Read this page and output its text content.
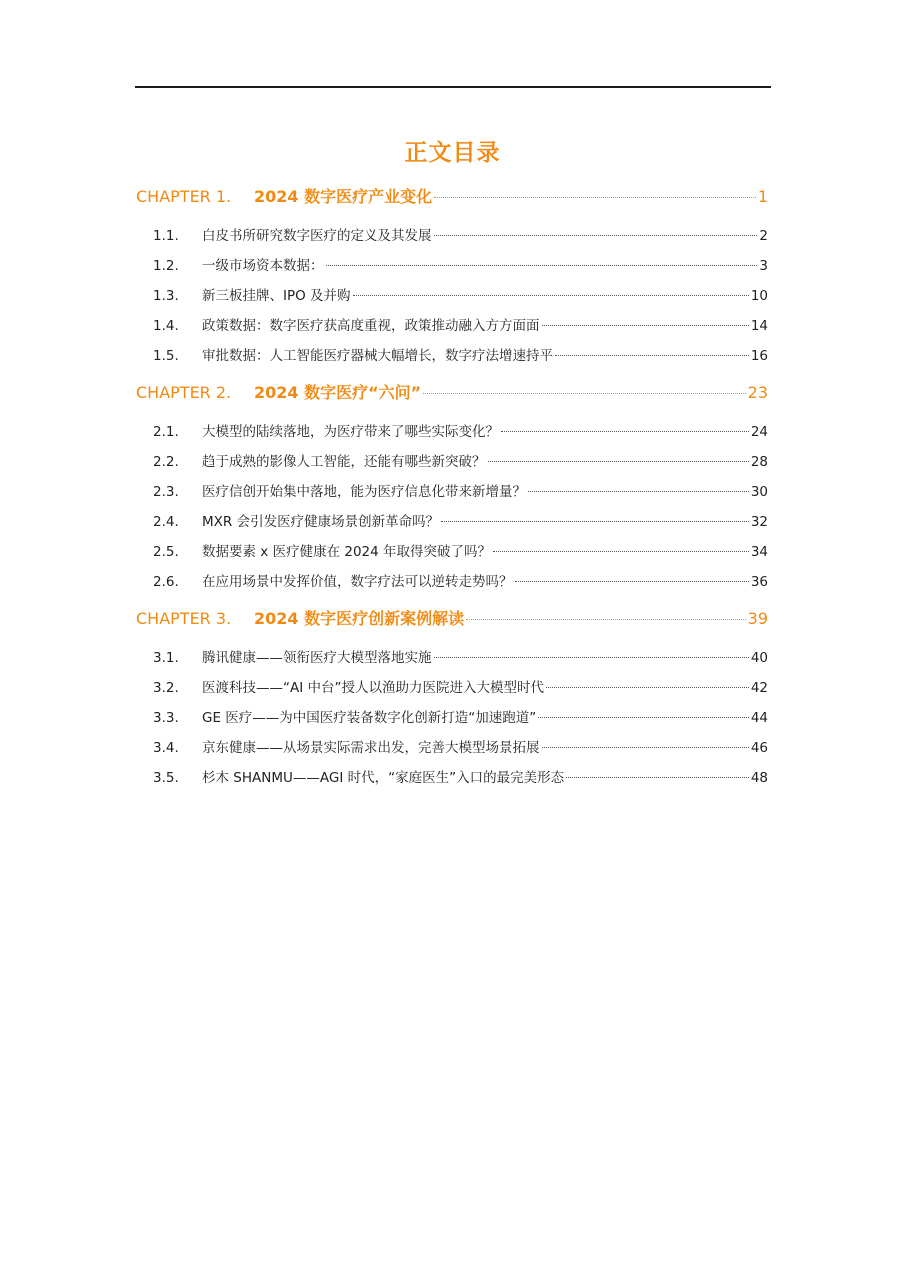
正文目录
CHAPTER 1.	2024 数字医疗产业变化	1
1.1.	白皮书所研究数字医疗的定义及其发展	2
1.2.	一级市场资本数据：	3
1.3.	新三板挂牌、IPO 及并购	10
1.4.	政策数据：数字医疗获高度重视，政策推动融入方方面面	14
1.5.	审批数据：人工智能医疗器械大幅增长，数字疗法增速持平	16
CHAPTER 2.	2024 数字医疗“六问”	23
2.1.	大模型的陆续落地，为医疗带来了哪些实际变化？	24
2.2.	趋于成熟的影像人工智能，还能有哪些新突破？	28
2.3.	医疗信创开始集中落地，能为医疗信息化带来新增量？	30
2.4.	MXR 会引发医疗健康场景创新革命吗？	32
2.5.	数据要素 x 医疗健康在 2024 年取得突破了吗？	34
2.6.	在应用场景中发挥价值，数字疗法可以逆转走势吗？	36
CHAPTER 3.	2024 数字医疗创新案例解读	39
3.1.	腾讯健康——领衔医疗大模型落地实施	40
3.2.	医渡科技——“AI 中台”授人以渔助力医院进入大模型时代	42
3.3.	GE 医疗——为中国医疗装备数字化创新打造“加速跑道”	44
3.4.	京东健康——从场景实际需求出发，完善大模型场景拓展	46
3.5.	杉木 SHANMU——AGI 时代，“家庭医生”入口的最完美形态	48
